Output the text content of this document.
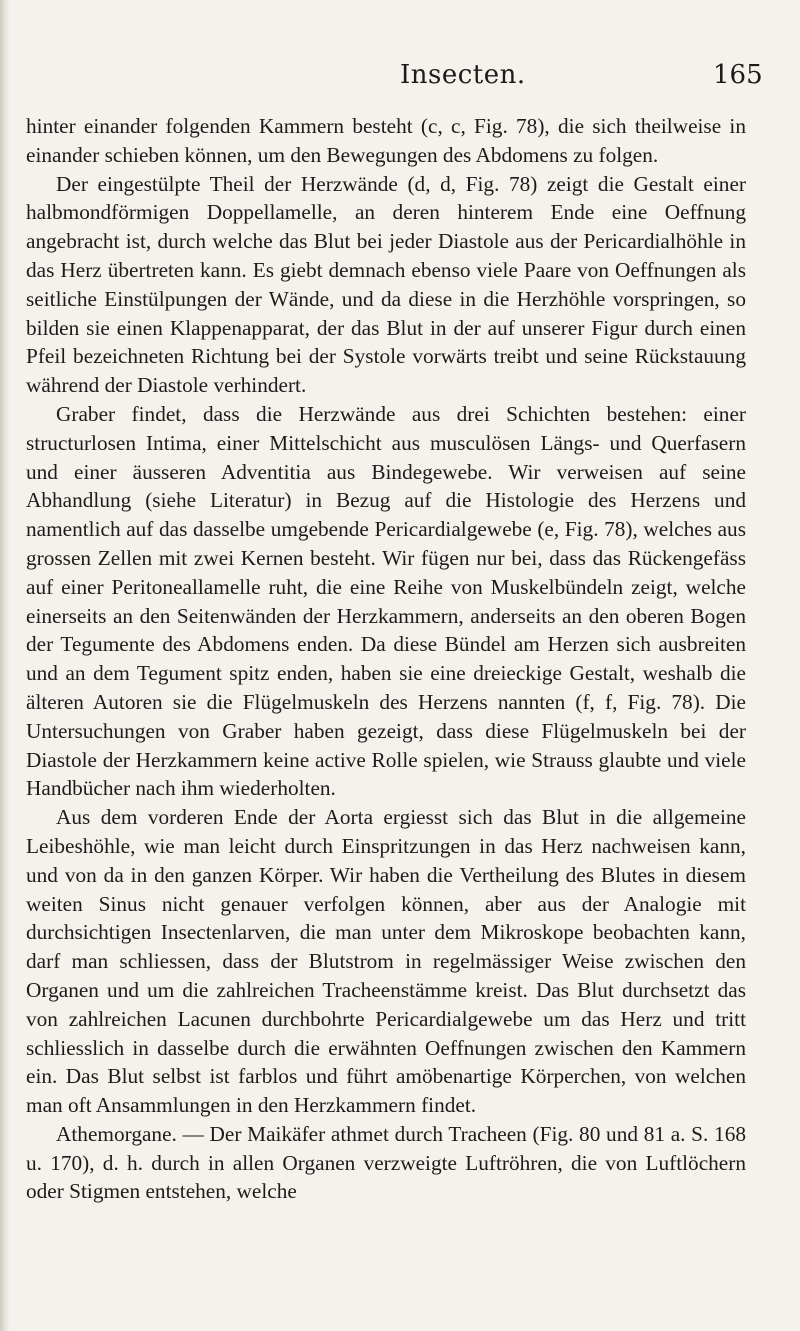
Insecten.	165

hinter einander folgenden Kammern besteht (c, c, Fig. 78), die sich theilweise in einander schieben können, um den Bewegungen des Abdomens zu folgen.

Der eingestülpte Theil der Herzwände (d, d, Fig. 78) zeigt die Gestalt einer halbmondförmigen Doppellamelle, an deren hinterem Ende eine Oeffnung angebracht ist, durch welche das Blut bei jeder Diastole aus der Pericardialhöhle in das Herz übertreten kann. Es giebt demnach ebenso viele Paare von Oeffnungen als seitliche Einstülpungen der Wände, und da diese in die Herzhöhle vorspringen, so bilden sie einen Klappenapparat, der das Blut in der auf unserer Figur durch einen Pfeil bezeichneten Richtung bei der Systole vorwärts treibt und seine Rückstauung während der Diastole verhindert.

Graber findet, dass die Herzwände aus drei Schichten bestehen: einer structurlosen Intima, einer Mittelschicht aus musculösen Längs- und Querfasern und einer äusseren Adventitia aus Bindegewebe. Wir verweisen auf seine Abhandlung (siehe Literatur) in Bezug auf die Histologie des Herzens und namentlich auf das dasselbe umgebende Pericardialgewebe (e, Fig. 78), welches aus grossen Zellen mit zwei Kernen besteht. Wir fügen nur bei, dass das Rückengefäss auf einer Peritoneallamelle ruht, die eine Reihe von Muskelbündeln zeigt, welche einerseits an den Seitenwänden der Herzkammern, anderseits an den oberen Bogen der Tegumente des Abdomens enden. Da diese Bündel am Herzen sich ausbreiten und an dem Tegument spitz enden, haben sie eine dreieckige Gestalt, weshalb die älteren Autoren sie die Flügelmuskeln des Herzens nannten (f, f, Fig. 78). Die Untersuchungen von Graber haben gezeigt, dass diese Flügelmuskeln bei der Diastole der Herzkammern keine active Rolle spielen, wie Strauss glaubte und viele Handbücher nach ihm wiederholten.

Aus dem vorderen Ende der Aorta ergiesst sich das Blut in die allgemeine Leibeshöhle, wie man leicht durch Einspritzungen in das Herz nachweisen kann, und von da in den ganzen Körper. Wir haben die Vertheilung des Blutes in diesem weiten Sinus nicht genauer verfolgen können, aber aus der Analogie mit durchsichtigen Insectenlarven, die man unter dem Mikroskope beobachten kann, darf man schliessen, dass der Blutstrom in regelmässiger Weise zwischen den Organen und um die zahlreichen Tracheenstämme kreist. Das Blut durchsetzt das von zahlreichen Lacunen durchbohrte Pericardialgewebe um das Herz und tritt schliesslich in dasselbe durch die erwähnten Oeffnungen zwischen den Kammern ein. Das Blut selbst ist farblos und führt amöbenartige Körperchen, von welchen man oft Ansammlungen in den Herzkammern findet.

Athemorgane. — Der Maikäfer athmet durch Tracheen (Fig. 80 und 81 a. S. 168 u. 170), d. h. durch in allen Organen verzweigte Luftröhren, die von Luftlöchern oder Stigmen entstehen, welche
